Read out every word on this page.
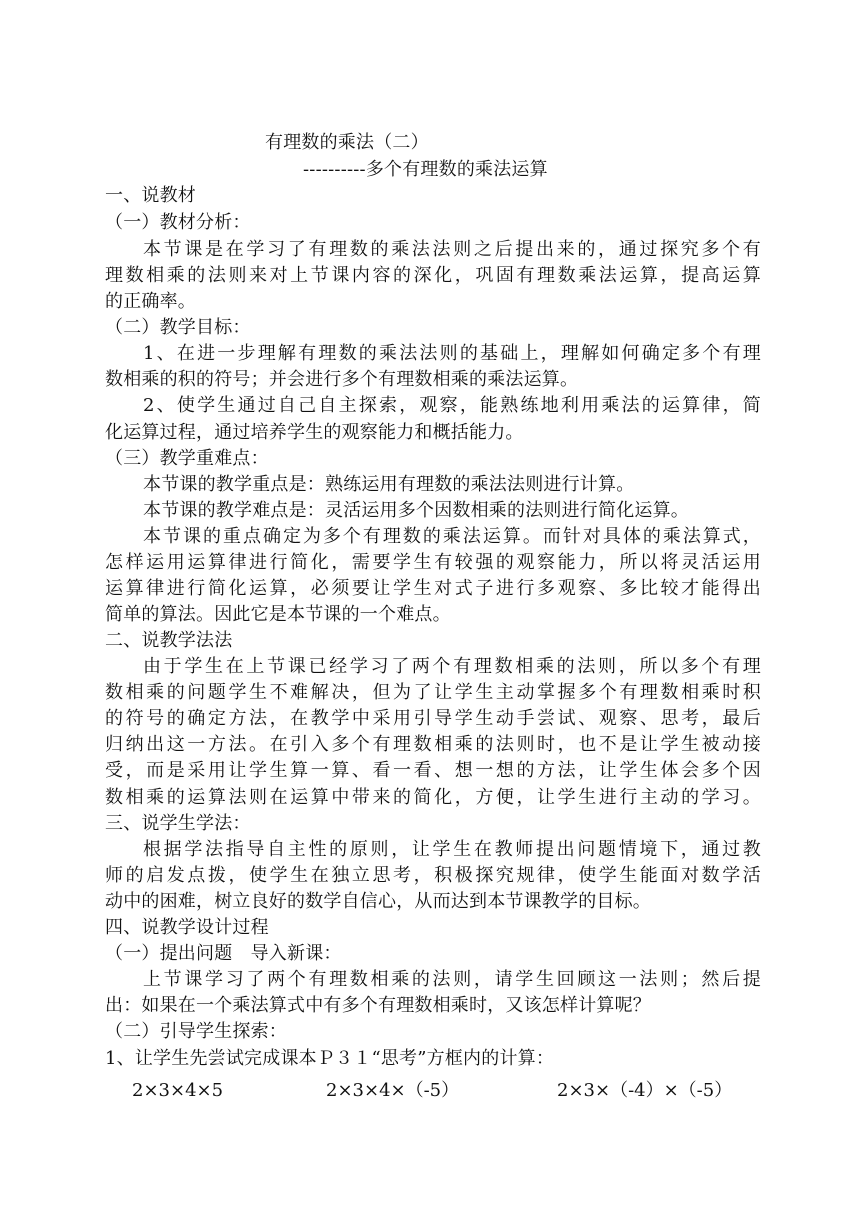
有理数的乘法（二）
----------多个有理数的乘法运算
一、说教材
（一）教材分析：
本节课是在学习了有理数的乘法法则之后提出来的，通过探究多个有
理数相乘的法则来对上节课内容的深化，巩固有理数乘法运算，提高运算
的正确率。
（二）教学目标：
1、在进一步理解有理数的乘法法则的基础上，理解如何确定多个有理
数相乘的积的符号；并会进行多个有理数相乘的乘法运算。
2、使学生通过自己自主探索，观察，能熟练地利用乘法的运算律，简
化运算过程，通过培养学生的观察能力和概括能力。
（三）教学重难点：
本节课的教学重点是：熟练运用有理数的乘法法则进行计算。
本节课的教学难点是：灵活运用多个因数相乘的法则进行简化运算。
本节课的重点确定为多个有理数的乘法运算。而针对具体的乘法算式，
怎样运用运算律进行简化，需要学生有较强的观察能力，所以将灵活运用
运算律进行简化运算，必须要让学生对式子进行多观察、多比较才能得出
简单的算法。因此它是本节课的一个难点。
二、说教学法法
由于学生在上节课已经学习了两个有理数相乘的法则，所以多个有理
数相乘的问题学生不难解决，但为了让学生主动掌握多个有理数相乘时积
的符号的确定方法，在教学中采用引导学生动手尝试、观察、思考，最后
归纳出这一方法。在引入多个有理数相乘的法则时，也不是让学生被动接
受，而是采用让学生算一算、看一看、想一想的方法，让学生体会多个因
数相乘的运算法则在运算中带来的简化，方便，让学生进行主动的学习。
三、说学生学法：
根据学法指导自主性的原则，让学生在教师提出问题情境下，通过教
师的启发点拨，使学生在独立思考，积极探究规律，使学生能面对数学活
动中的困难，树立良好的数学自信心，从而达到本节课教学的目标。
四、说教学设计过程
（一）提出问题　导入新课：
上节课学习了两个有理数相乘的法则，请学生回顾这一法则；然后提
出：如果在一个乘法算式中有多个有理数相乘时，又该怎样计算呢？
（二）引导学生探索：
1、让学生先尝试完成课本Ｐ３１“思考”方框内的计算：
2×3×4×5	2×3×4×（-5）	2×3×（-4）×（-5）
